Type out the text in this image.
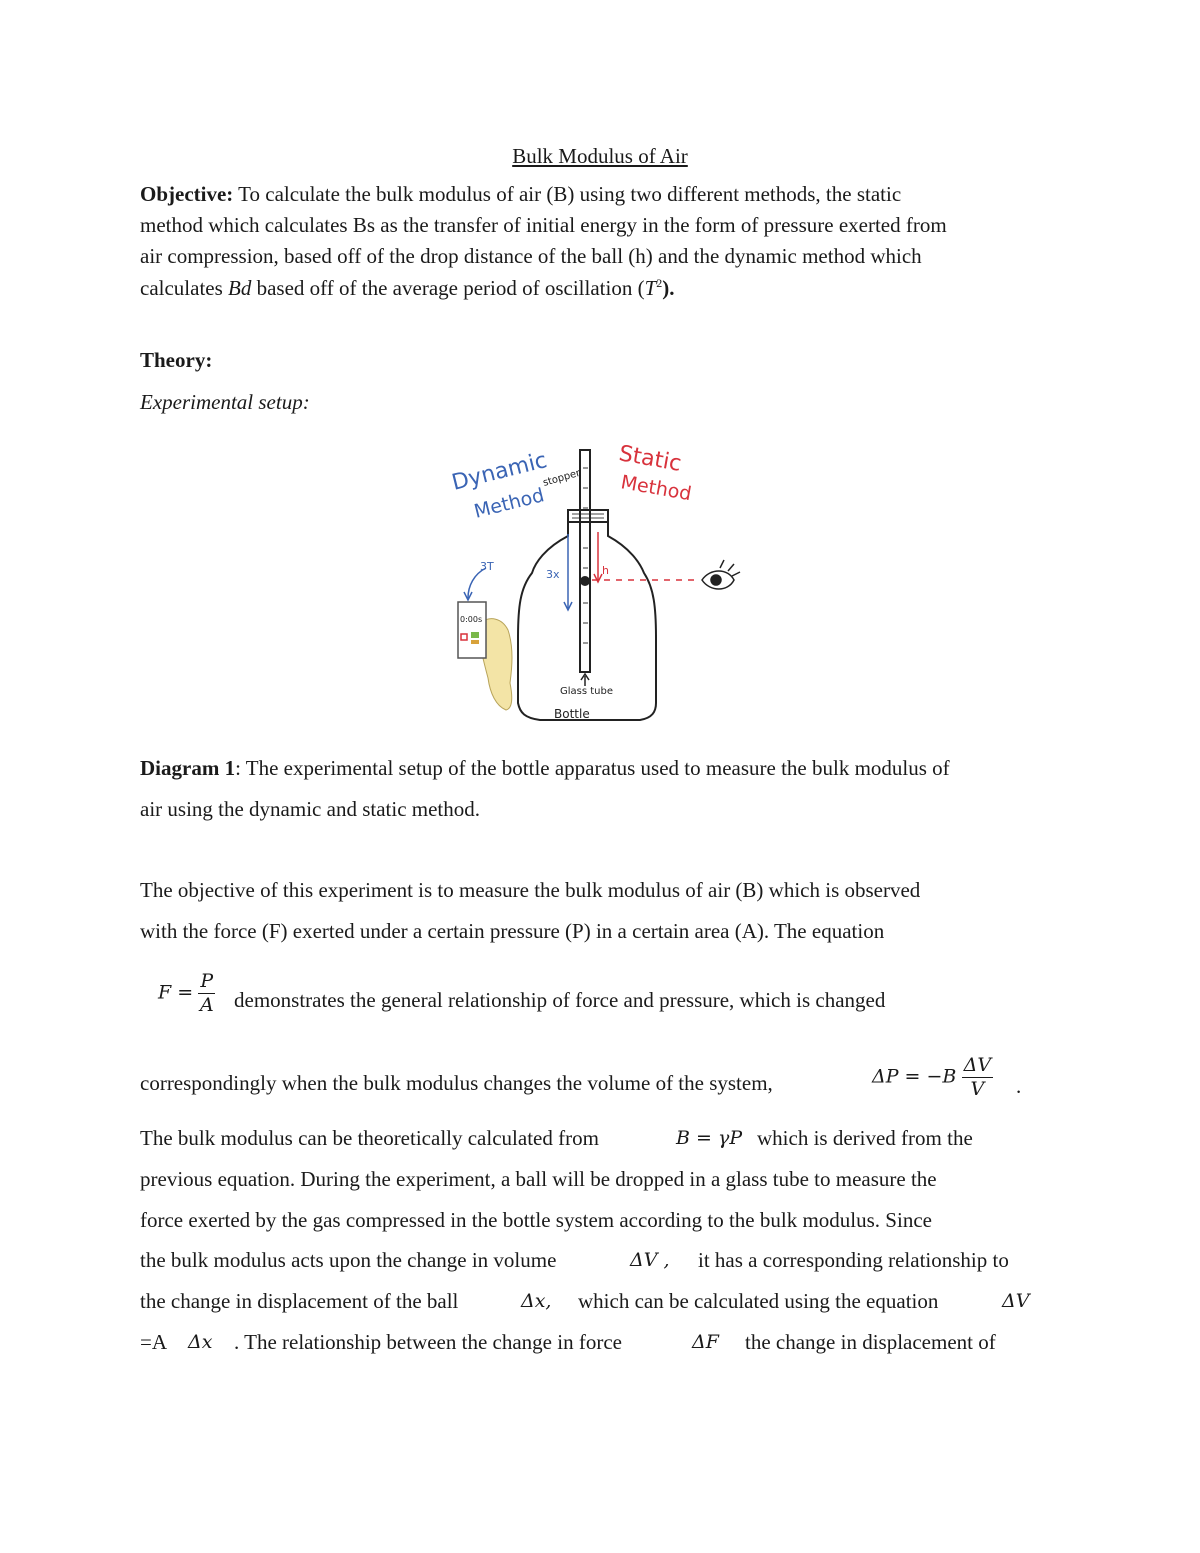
Bulk Modulus of Air
Objective: To calculate the bulk modulus of air (B) using two different methods, the static
method which calculates Bs as the transfer of initial energy in the form of pressure exerted from
air compression, based off of the drop distance of the ball (h) and the dynamic method which
calculates Bd based off of the average period of oscillation $(T^2)$.
Theory:
Experimental setup:
Dynamic
Method
stopper
Static
Method
3T
3x	h
0:00s
Glass tube
Bottle
Diagram 1: The experimental setup of the bottle apparatus used to measure the bulk modulus of
air using the dynamic and static method.
The objective of this experiment is to measure the bulk modulus of air (B) which is observed
with the force (F) exerted under a certain pressure (P) in a certain area (A). The equation
$F = \frac{P}{A}$ demonstrates the general relationship of force and pressure, which is changed
correspondingly when the bulk modulus changes the volume of the system,	$\Delta P = -B \frac{\Delta V}{V}$ .
The bulk modulus can be theoretically calculated from	B = γP which is derived from the
previous equation. During the experiment, a ball will be dropped in a glass tube to measure the
force exerted by the gas compressed in the bottle system according to the bulk modulus. Since
the bulk modulus acts upon the change in volume	ΔV , it has a corresponding relationship to
the change in displacement of the ball	Δx, which can be calculated using the equation	ΔV
=A Δx . The relationship between the change in force	ΔF the change in displacement of
